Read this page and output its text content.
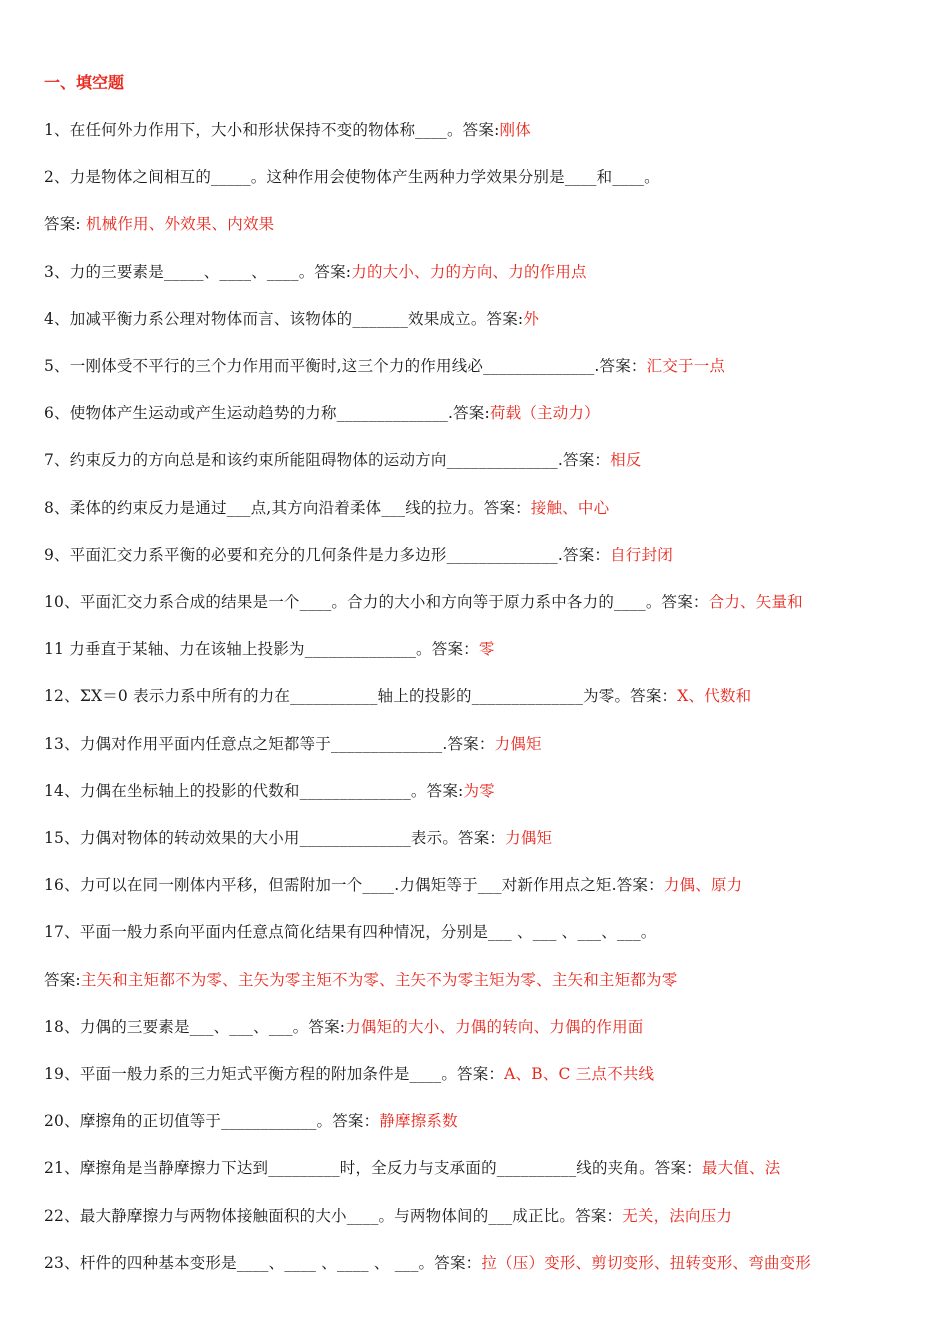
一、填空题
1、在任何外力作用下，大小和形状保持不变的物体称____。答案:刚体
2、力是物体之间相互的_____。这种作用会使物体产生两种力学效果分别是____和____。
答案: 机械作用、外效果、内效果
3、力的三要素是_____、____、____。答案:力的大小、力的方向、力的作用点
4、加减平衡力系公理对物体而言、该物体的_______效果成立。答案:外
5、一刚体受不平行的三个力作用而平衡时,这三个力的作用线必______________.答案：汇交于一点
6、使物体产生运动或产生运动趋势的力称______________.答案:荷载（主动力）
7、约束反力的方向总是和该约束所能阻碍物体的运动方向______________.答案：相反
8、柔体的约束反力是通过___点,其方向沿着柔体___线的拉力。答案：接触、中心
9、平面汇交力系平衡的必要和充分的几何条件是力多边形______________.答案：自行封闭
10、平面汇交力系合成的结果是一个____。合力的大小和方向等于原力系中各力的____。答案：合力、矢量和
11 力垂直于某轴、力在该轴上投影为______________。答案：零
12、ΣX＝0 表示力系中所有的力在___________轴上的投影的______________为零。答案：X、代数和
13、力偶对作用平面内任意点之矩都等于______________.答案：力偶矩
14、力偶在坐标轴上的投影的代数和______________。答案:为零
15、力偶对物体的转动效果的大小用______________表示。答案：力偶矩
16、力可以在同一刚体内平移，但需附加一个____.力偶矩等于___对新作用点之矩.答案：力偶、原力
17、平面一般力系向平面内任意点简化结果有四种情况，分别是___ 、___ 、___、___。
答案:主矢和主矩都不为零、主矢为零主矩不为零、主矢不为零主矩为零、主矢和主矩都为零
18、力偶的三要素是___、___、___。答案:力偶矩的大小、力偶的转向、力偶的作用面
19、平面一般力系的三力矩式平衡方程的附加条件是____。答案：A、B、C 三点不共线
20、摩擦角的正切值等于____________。答案：静摩擦系数
21、摩擦角是当静摩擦力下达到_________时，全反力与支承面的__________线的夹角。答案：最大值、法
22、最大静摩擦力与两物体接触面积的大小____。与两物体间的___成正比。答案：无关，法向压力
23、杆件的四种基本变形是____、____ 、____ 、 ___。答案：拉（压）变形、剪切变形、扭转变形、弯曲变形
